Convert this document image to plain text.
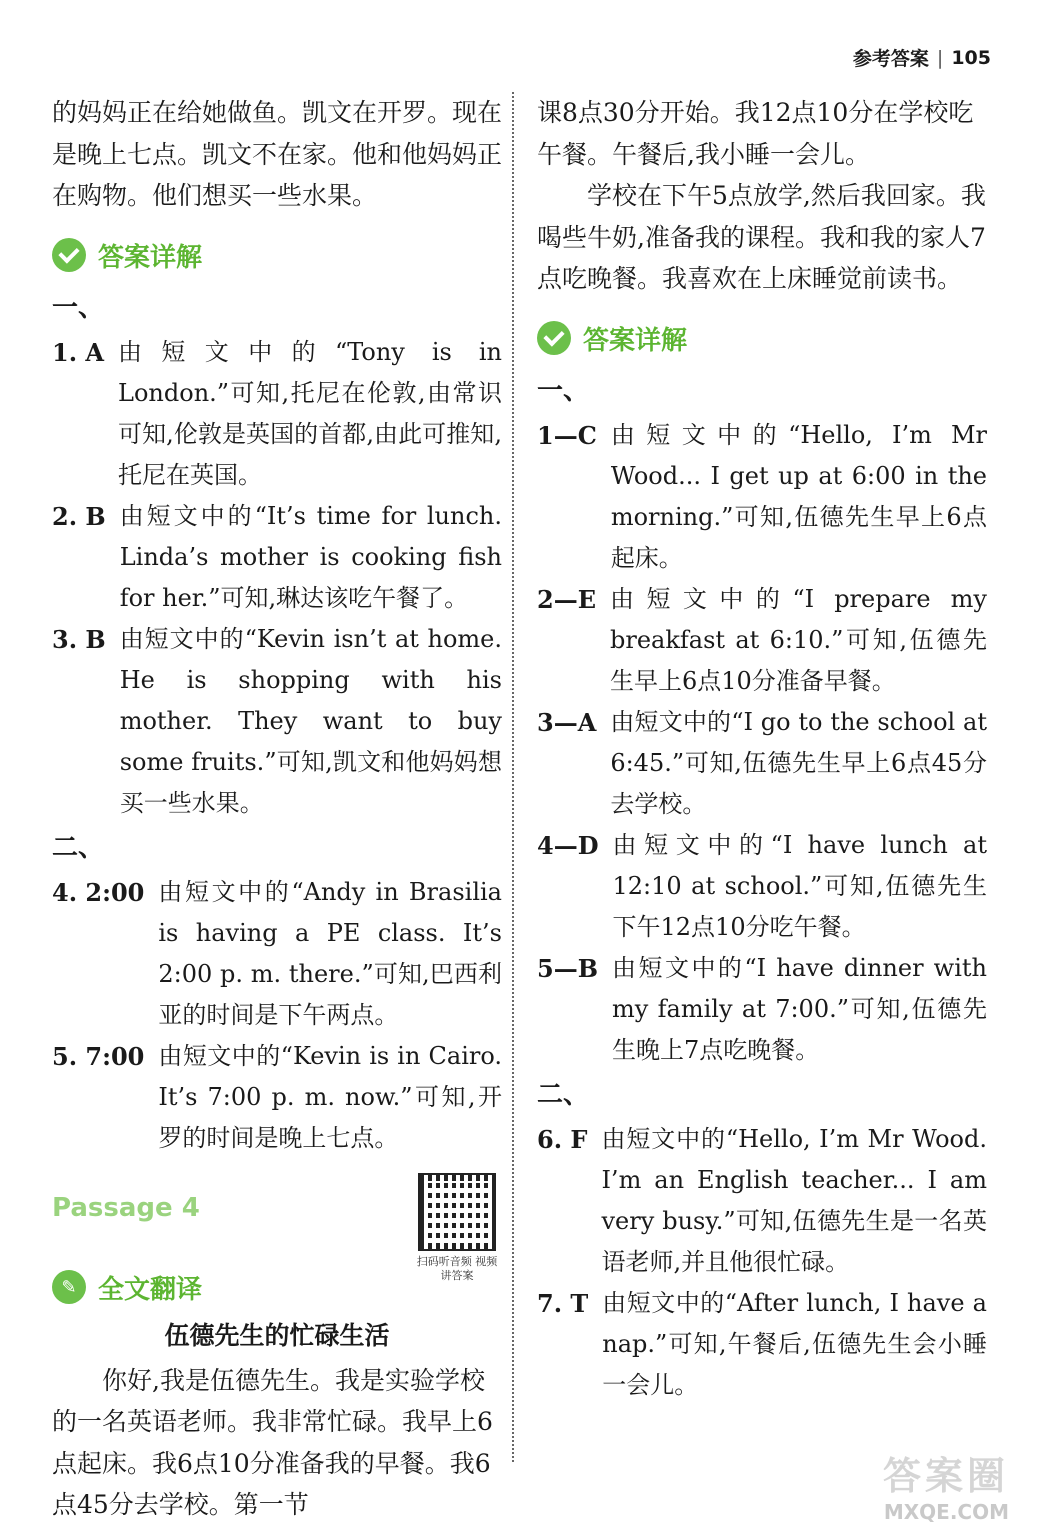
参考答案 | 105

的妈妈正在给她做鱼。凯文在开罗。现在是晚上七点。凯文不在家。他和他妈妈正在购物。他们想买一些水果。

答案详解
一、
1. A 由短文中的“Tony is in London.”可知,托尼在伦敦,由常识可知,伦敦是英国的首都,由此可推知,托尼在英国。
2. B 由短文中的“It’s time for lunch. Linda’s mother is cooking fish for her.”可知,琳达该吃午餐了。
3. B 由短文中的“Kevin isn’t at home. He is shopping with his mother. They want to buy some fruits.”可知,凯文和他妈妈想买一些水果。
二、
4. 2:00 由短文中的“Andy in Brasilia is having a PE class. It’s 2:00 p. m. there.”可知,巴西利亚的时间是下午两点。
5. 7:00 由短文中的“Kevin is in Cairo. It’s 7:00 p. m. now.”可知,开罗的时间是晚上七点。
Passage 4
扫码听音频 视频讲答案
✎ 全文翻译
伍德先生的忙碌生活

你好,我是伍德先生。我是实验学校的一名英语老师。我非常忙碌。我早上6点起床。我6点10分准备我的早餐。我6点45分去学校。第一节

课8点30分开始。我12点10分在学校吃午餐。午餐后,我小睡一会儿。

学校在下午5点放学,然后我回家。我喝些牛奶,准备我的课程。我和我的家人7点吃晚餐。我喜欢在上床睡觉前读书。

答案详解
一、
1—C 由短文中的“Hello, I’m Mr Wood... I get up at 6:00 in the morning.”可知,伍德先生早上6点起床。
2—E 由短文中的“I prepare my breakfast at 6:10.”可知,伍德先生早上6点10分准备早餐。
3—A 由短文中的“I go to the school at 6:45.”可知,伍德先生早上6点45分去学校。
4—D 由短文中的“I have lunch at 12:10 at school.”可知,伍德先生下午12点10分吃午餐。
5—B 由短文中的“I have dinner with my family at 7:00.”可知,伍德先生晚上7点吃晚餐。
二、
6. F 由短文中的“Hello, I’m Mr Wood. I’m an English teacher... I am very busy.”可知,伍德先生是一名英语老师,并且他很忙碌。
7. T 由短文中的“After lunch, I have a nap.”可知,午餐后,伍德先生会小睡一会儿。
答案圈
MXQE.COM
